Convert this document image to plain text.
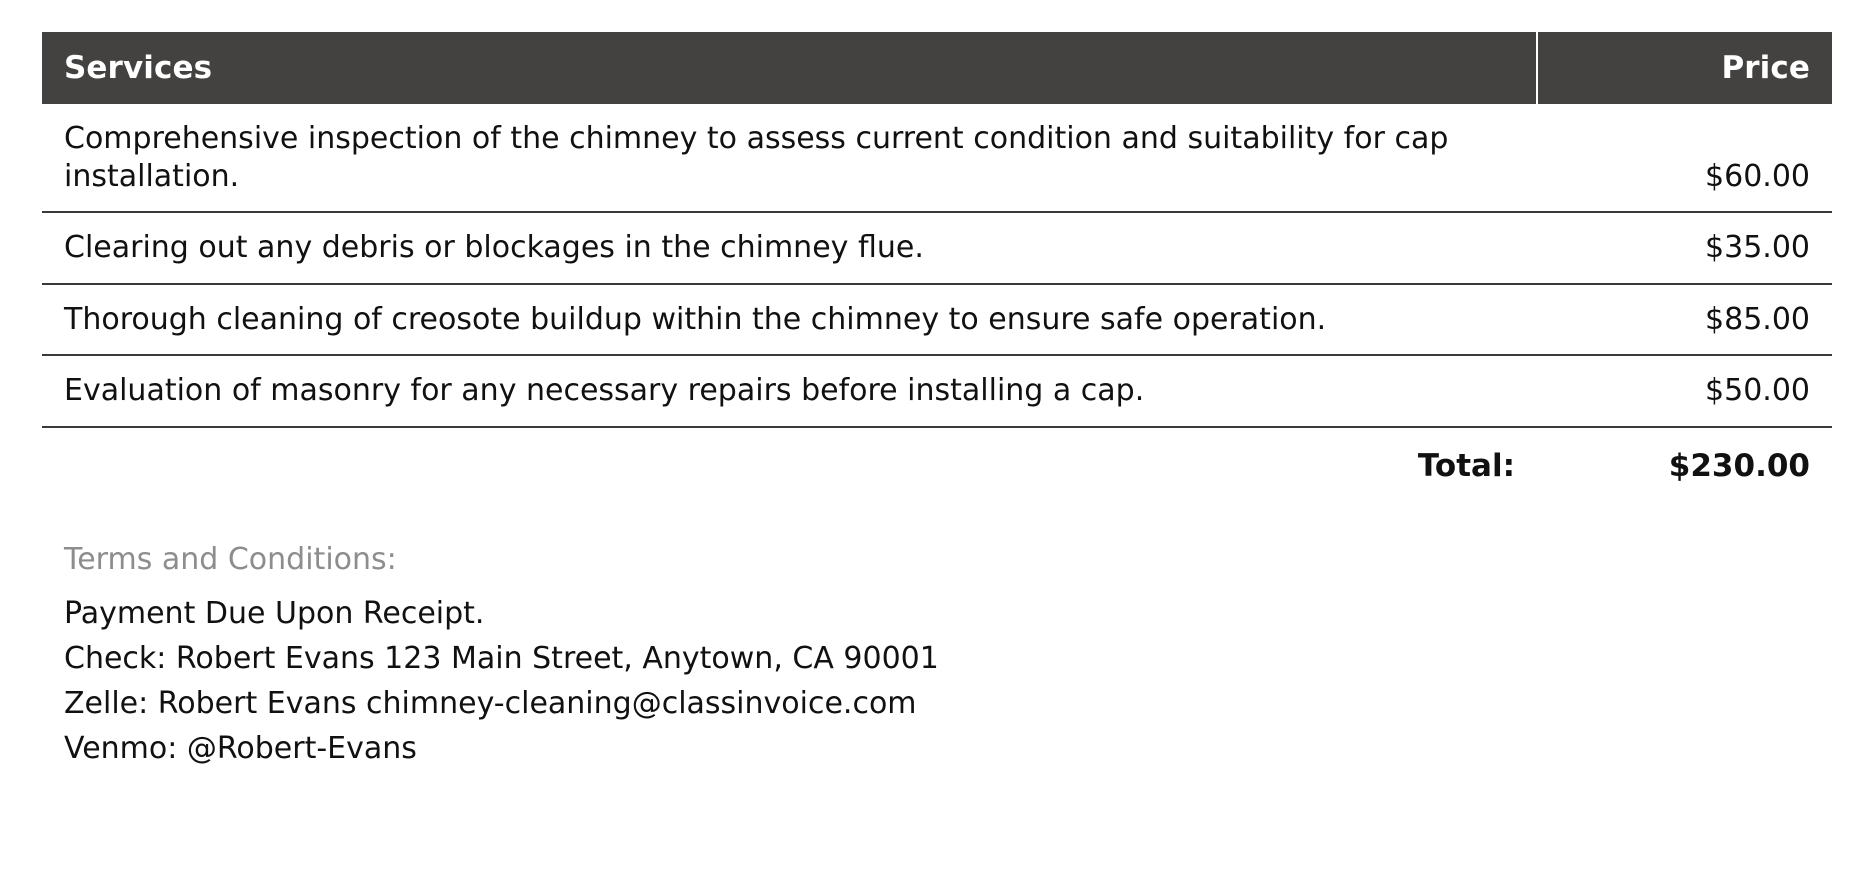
Services	Price
Comprehensive inspection of the chimney to assess current condition and suitability for cap installation.	$60.00
Clearing out any debris or blockages in the chimney flue.	$35.00
Thorough cleaning of creosote buildup within the chimney to ensure safe operation.	$85.00
Evaluation of masonry for any necessary repairs before installing a cap.	$50.00
Total:	$230.00
Terms and Conditions:
Payment Due Upon Receipt.
Check: Robert Evans 123 Main Street, Anytown, CA 90001
Zelle: Robert Evans chimney-cleaning@classinvoice.com
Venmo: @Robert-Evans
